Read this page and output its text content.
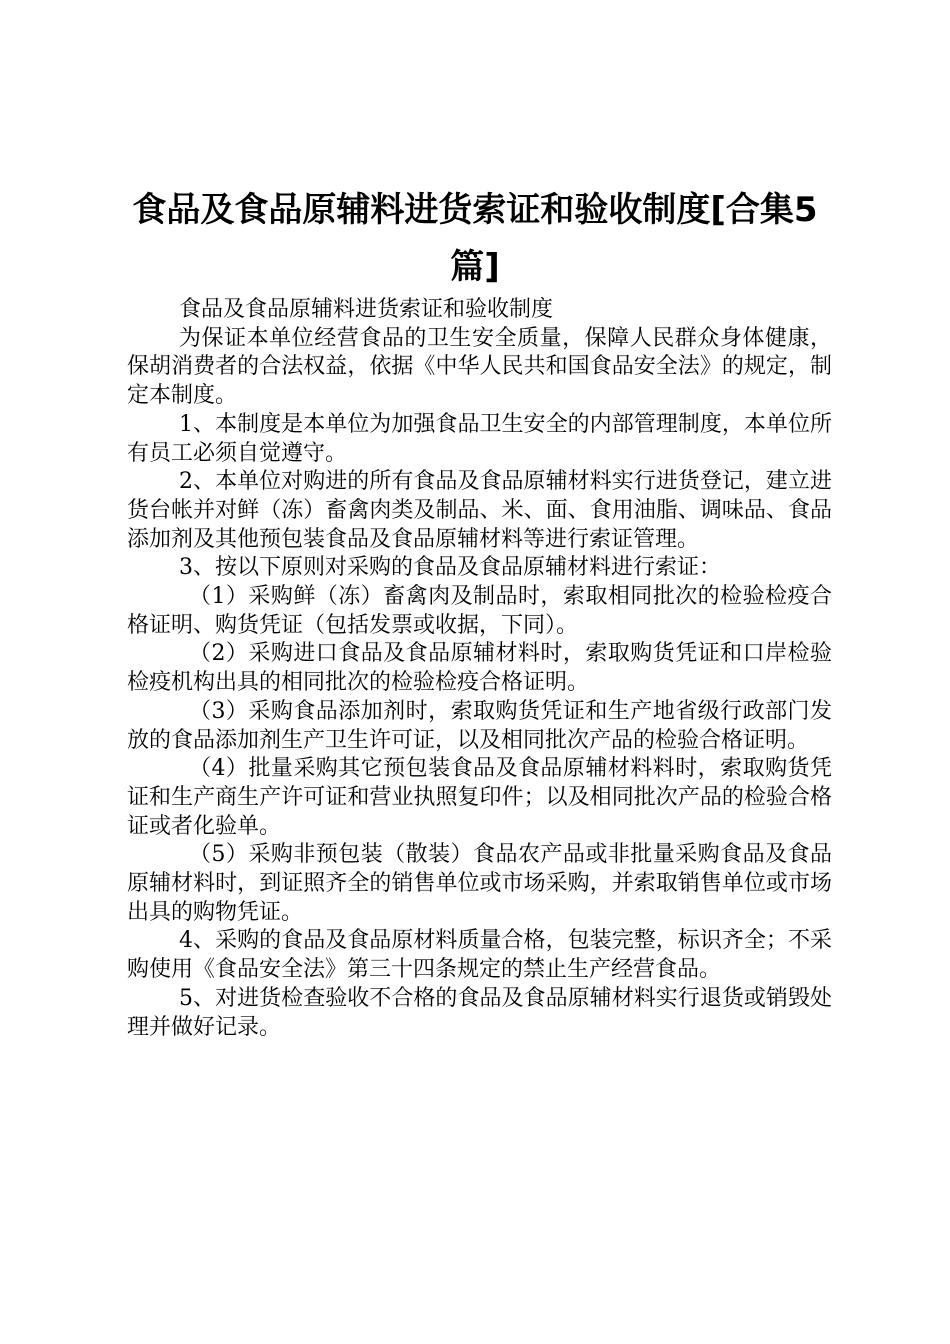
食品及食品原辅料进货索证和验收制度[合集5篇]

食品及食品原辅料进货索证和验收制度

为保证本单位经营食品的卫生安全质量，保障人民群众身体健康，保胡消费者的合法权益，依据《中华人民共和国食品安全法》的规定，制定本制度。

1、本制度是本单位为加强食品卫生安全的内部管理制度，本单位所有员工必须自觉遵守。

2、本单位对购进的所有食品及食品原辅材料实行进货登记，建立进货台帐并对鲜（冻）畜禽肉类及制品、米、面、食用油脂、调味品、食品添加剂及其他预包装食品及食品原辅材料等进行索证管理。

3、按以下原则对采购的食品及食品原辅材料进行索证：

（1）采购鲜（冻）畜禽肉及制品时，索取相同批次的检验检疫合格证明、购货凭证（包括发票或收据，下同）。

（2）采购进口食品及食品原辅材料时，索取购货凭证和口岸检验检疫机构出具的相同批次的检验检疫合格证明。

（3）采购食品添加剂时，索取购货凭证和生产地省级行政部门发放的食品添加剂生产卫生许可证，以及相同批次产品的检验合格证明。

（4）批量采购其它预包装食品及食品原辅材料料时，索取购货凭证和生产商生产许可证和营业执照复印件；以及相同批次产品的检验合格证或者化验单。

（5）采购非预包装（散装）食品农产品或非批量采购食品及食品原辅材料时，到证照齐全的销售单位或市场采购，并索取销售单位或市场出具的购物凭证。

4、采购的食品及食品原材料质量合格，包装完整，标识齐全；不采购使用《食品安全法》第三十四条规定的禁止生产经营食品。

5、对进货检查验收不合格的食品及食品原辅材料实行退货或销毁处理并做好记录。
